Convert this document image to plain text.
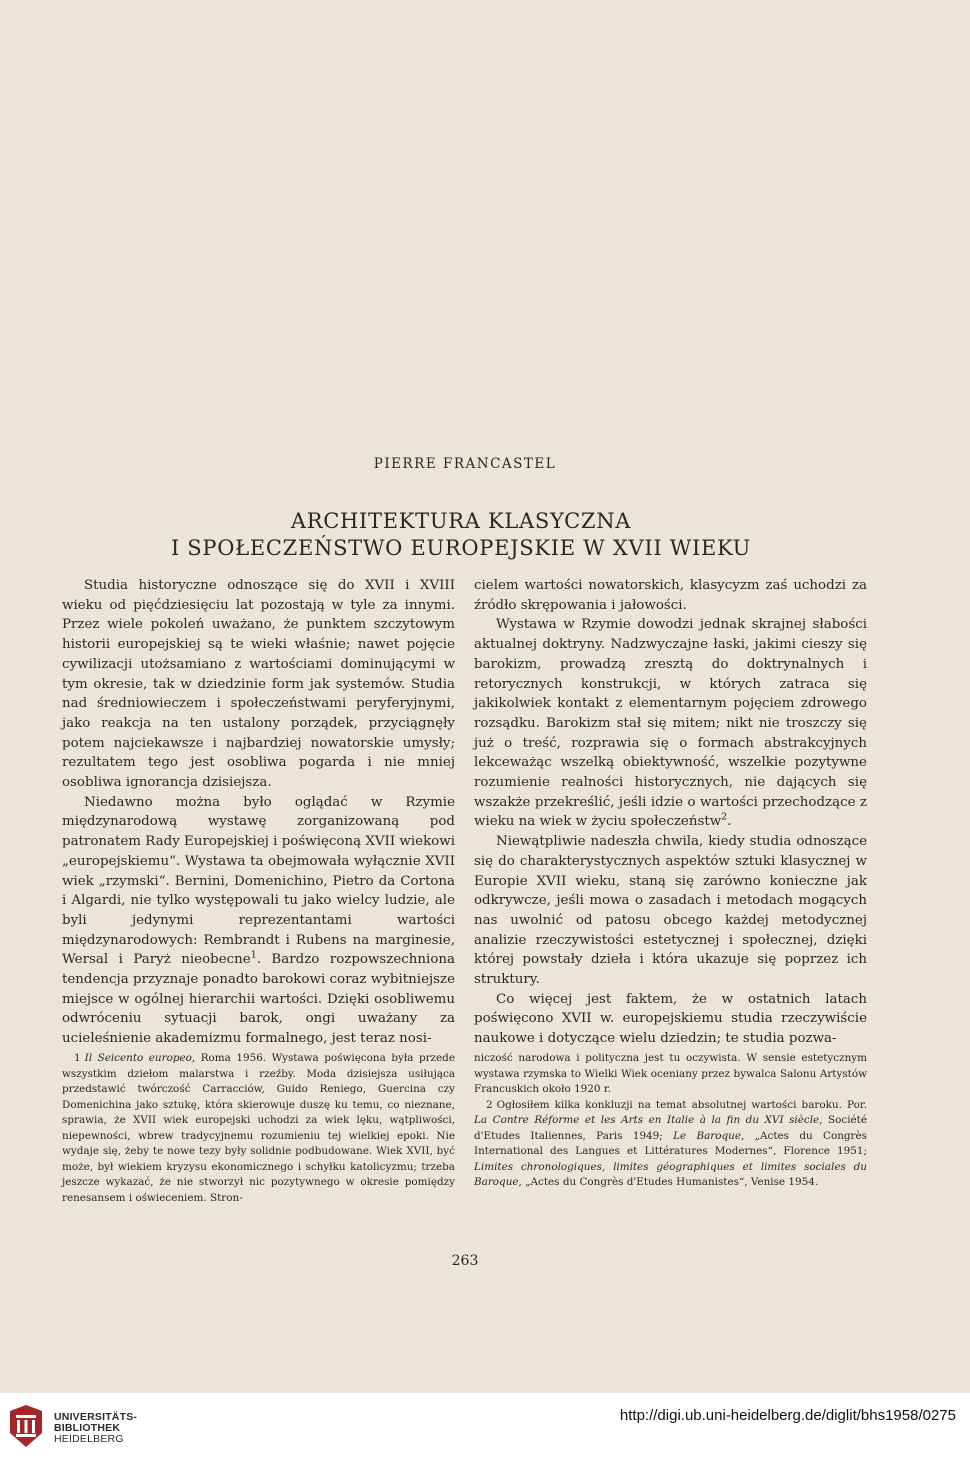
PIERRE FRANCASTEL
ARCHITEKTURA KLASYCZNA
I SPOŁECZEŃSTWO EUROPEJSKIE W XVII WIEKU

Studia historyczne odnoszące się do XVII i XVIII wieku od pięćdziesięciu lat pozostają w tyle za innymi. Przez wiele pokoleń uważano, że punktem szczytowym historii europejskiej są te wieki właśnie; nawet pojęcie cywilizacji utożsamiano z wartościami dominującymi w tym okresie, tak w dziedzinie form jak systemów. Studia nad średniowieczem i społeczeństwami peryferyjnymi, jako reakcja na ten ustalony porządek, przyciągnęły potem najciekawsze i najbardziej nowatorskie umysły; rezultatem tego jest osobliwa pogarda i nie mniej osobliwa ignorancja dzisiejsza.

Niedawno można było oglądać w Rzymie międzynarodową wystawę zorganizowaną pod patronatem Rady Europejskiej i poświęconą XVII wiekowi „europejskiemu“. Wystawa ta obejmowała wyłącznie XVII wiek „rzymski“. Bernini, Domenichino, Pietro da Cortona i Algardi, nie tylko występowali tu jako wielcy ludzie, ale byli jedynymi reprezentantami wartości międzynarodowych: Rembrandt i Rubens na marginesie, Wersal i Paryż nieobecne$^1$. Bardzo rozpowszechniona tendencja przyznaje ponadto barokowi coraz wybitniejsze miejsce w ogólnej hierarchii wartości. Dzięki osobliwemu odwróceniu sytuacji barok, ongi uważany za ucieleśnienie akademizmu formalnego, jest teraz nosi-

cielem wartości nowatorskich, klasycyzm zaś uchodzi za źródło skrępowania i jałowości.

Wystawa w Rzymie dowodzi jednak skrajnej słabości aktualnej doktryny. Nadzwyczajne łaski, jakimi cieszy się barokizm, prowadzą zresztą do doktrynalnych i retorycznych konstrukcji, w których zatraca się jakikolwiek kontakt z elementarnym pojęciem zdrowego rozsądku. Barokizm stał się mitem; nikt nie troszczy się już o treść, rozprawia się o formach abstrakcyjnych lekceważąc wszelką obiektywność, wszelkie pozytywne rozumienie realności historycznych, nie dających się wszakże przekreślić, jeśli idzie o wartości przechodzące z wieku na wiek w życiu społeczeństw$^2$.

Niewątpliwie nadeszła chwila, kiedy studia odnoszące się do charakterystycznych aspektów sztuki klasycznej w Europie XVII wieku, staną się zarówno konieczne jak odkrywcze, jeśli mowa o zasadach i metodach mogących nas uwolnić od patosu obcego każdej metodycznej analizie rzeczywistości estetycznej i społecznej, dzięki której powstały dzieła i która ukazuje się poprzez ich struktury.

Co więcej jest faktem, że w ostatnich latach poświęcono XVII w. europejskiemu studia rzeczywiście naukowe i dotyczące wielu dziedzin; te studia pozwa-

1 Il Seicento europeo, Roma 1956. Wystawa poświęcona była przede wszystkim dziełom malarstwa i rzeźby. Moda dzisiejsza usiłująca przedstawić twórczość Carracciów, Guido Reniego, Guercina czy Domenichina jako sztukę, która skierowuje duszę ku temu, co nieznane, sprawia, że XVII wiek europejski uchodzi za wiek lęku, wątpliwości, niepewności, wbrew tradycyjnemu rozumieniu tej wielkiej epoki. Nie wydaje się, żeby te nowe tezy były solidnie podbudowane. Wiek XVII, być może, był wiekiem kryzysu ekonomicznego i schyłku katolicyzmu; trzeba jeszcze wykazać, że nie stworzył nic pozytywnego w okresie pomiędzy renesansem i oświeceniem. Stron-

niczość narodowa i polityczna jest tu oczywista. W sensie estetycznym wystawa rzymska to Wielki Wiek oceniany przez bywalca Salonu Artystów Francuskich około 1920 r.

2 Ogłosiłem kilka konkluzji na temat absolutnej wartości baroku. Por. La Contre Réforme et les Arts en Italie à la fin du XVI siècle, Société d'Etudes Italiennes, Paris 1949; Le Baroque, „Actes du Congrès International des Langues et Littératures Modernes“, Florence 1951; Limites chronologiques, limites géographiques et limites sociales du Baroque, „Actes du Congrès d'Etudes Humanistes“, Venise 1954.

263
UNIVERSITÄTS-
BIBLIOTHEK
HEIDELBERG
http://digi.ub.uni-heidelberg.de/diglit/bhs1958/0275
